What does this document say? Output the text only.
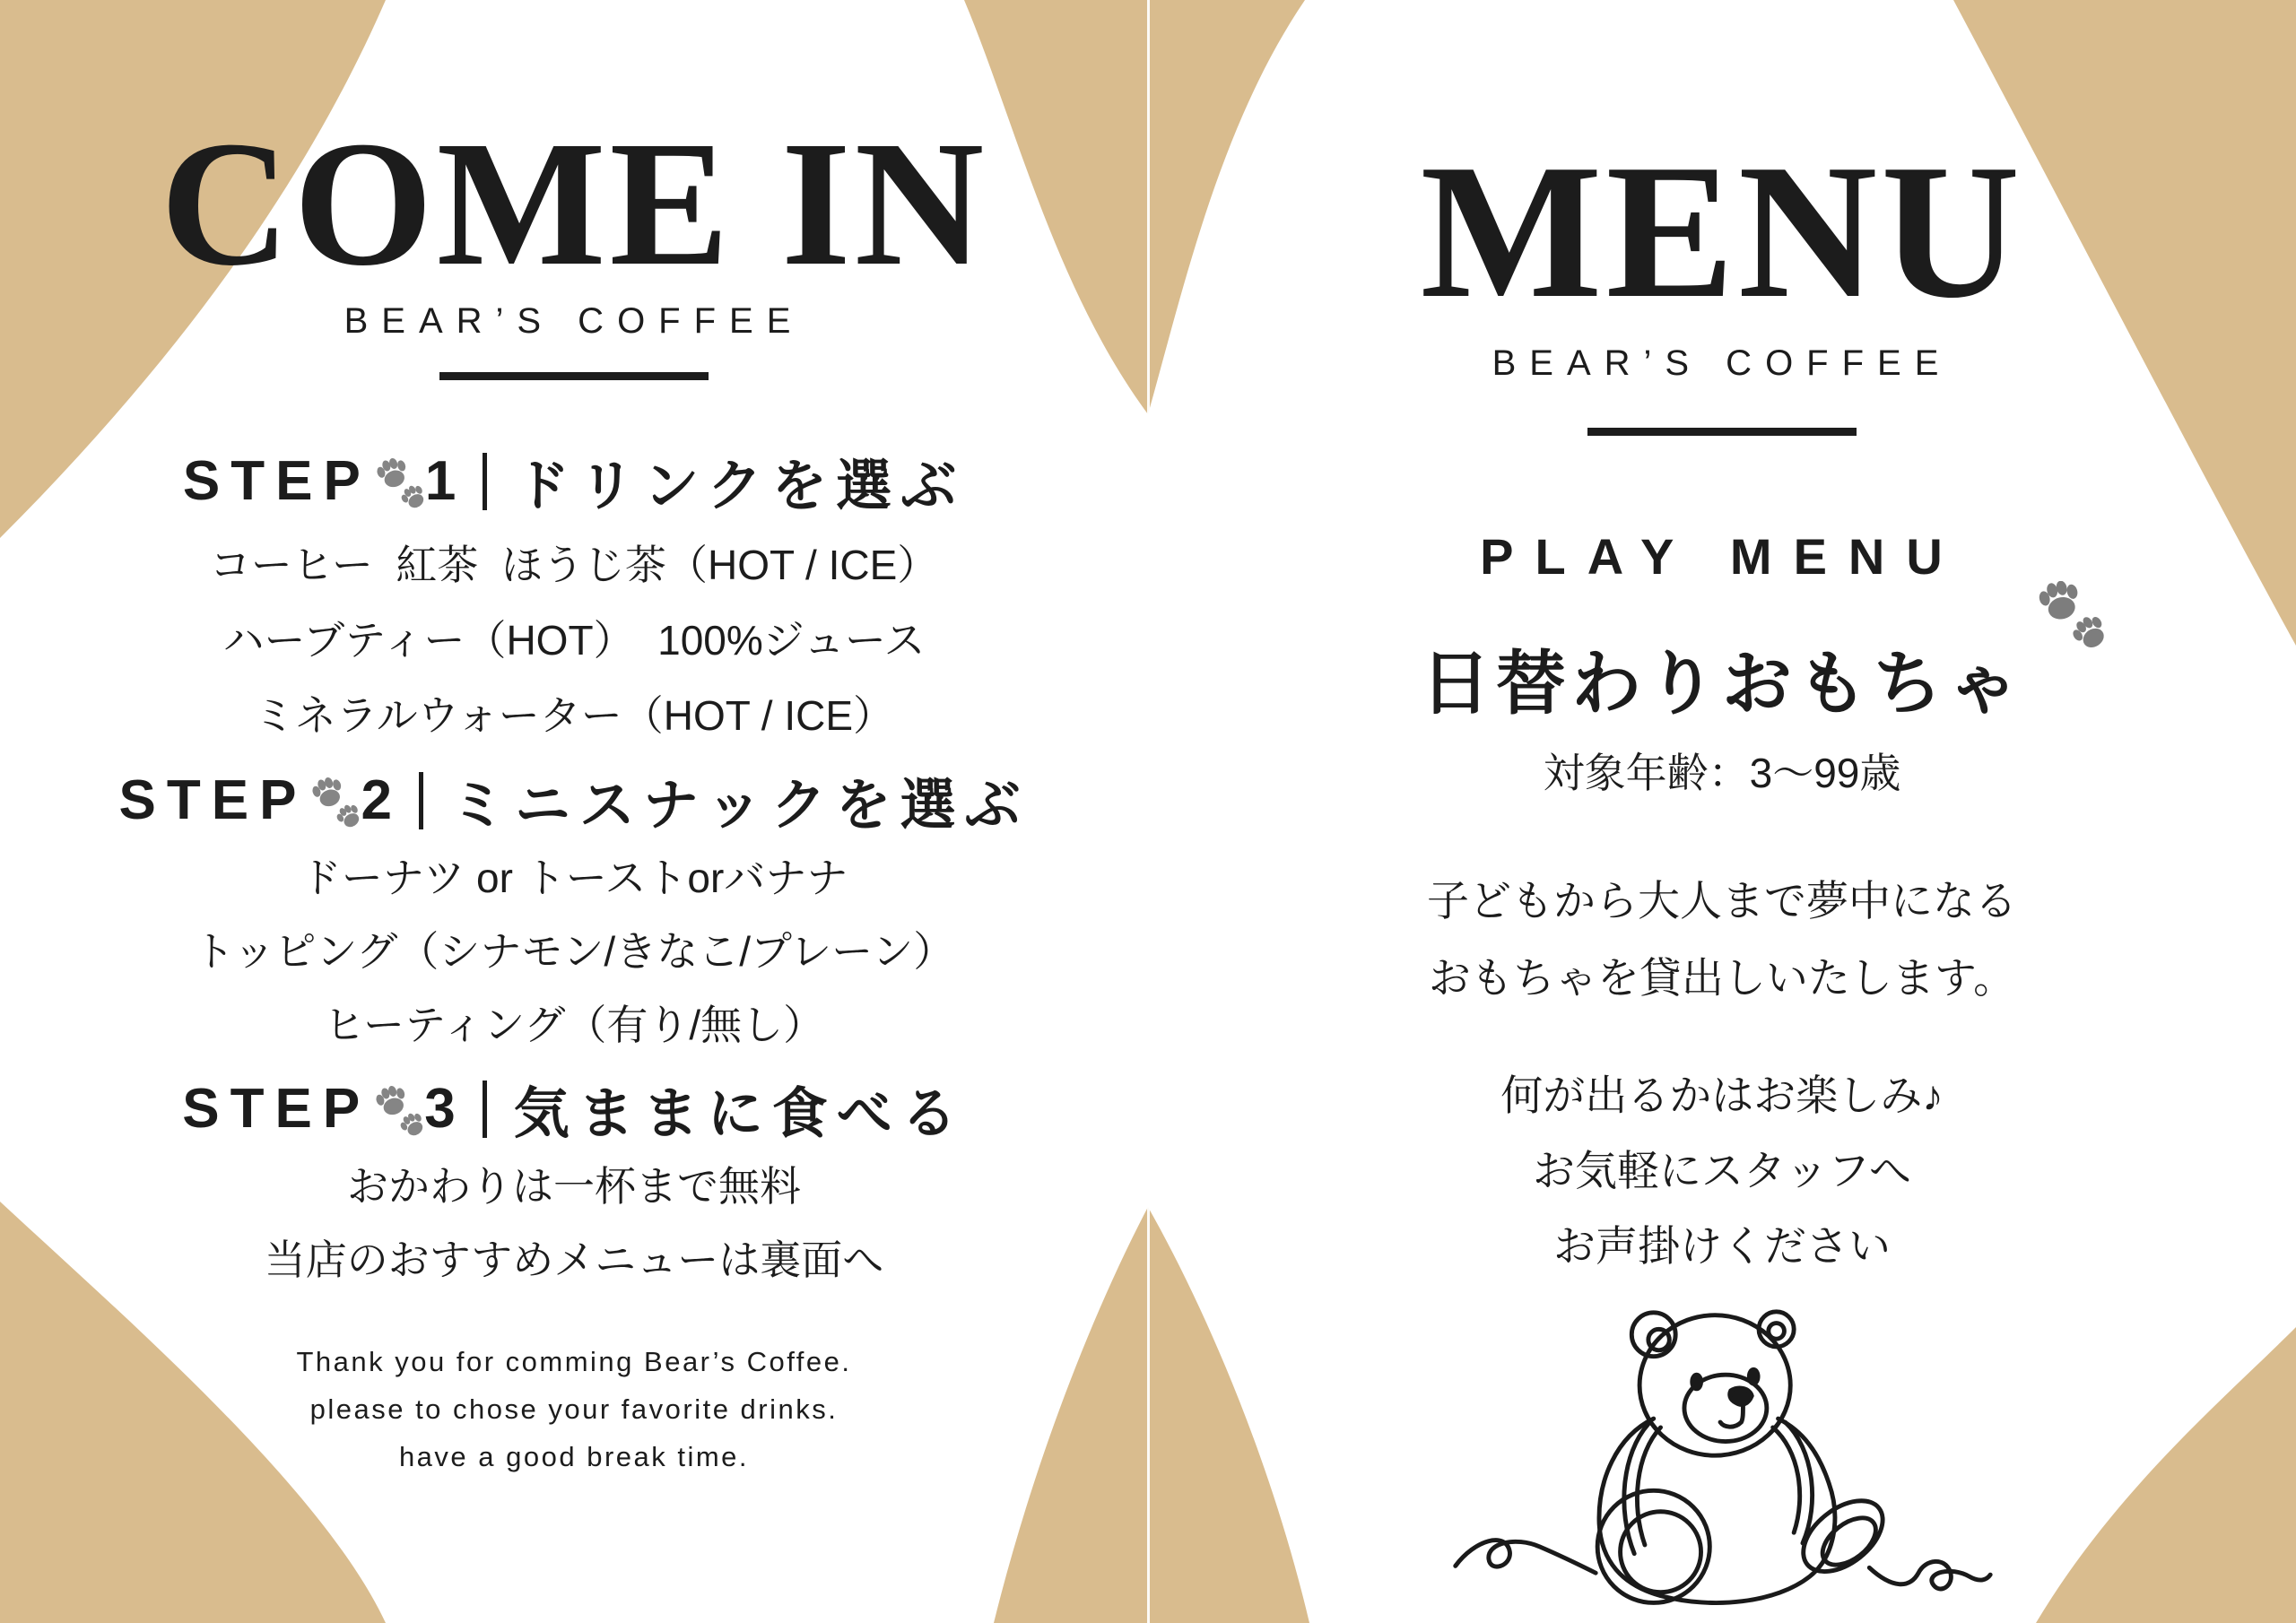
COME IN
BEAR’S COFFEE
STEP 1 ドリンクを選ぶ
コーヒー  紅茶  ほうじ茶（HOT / ICE）
ハーブティー（HOT）  100%ジュース
ミネラルウォーター（HOT / ICE）
STEP 2 ミニスナックを選ぶ
ドーナツ or トーストorバナナ
トッピング（シナモン/きなこ/プレーン）
ヒーティング（有り/無し）
STEP 3 気ままに食べる
おかわりは一杯まで無料
当店のおすすめメニューは裏面へ
Thank you for comming Bear’s Coffee.
please to chose your favorite drinks.
have a good break time.
MENU
BEAR’S COFFEE
PLAY MENU
日替わりおもちゃ
対象年齢：3〜99歳
子どもから大人まで夢中になる
おもちゃを貸出しいたします。
何が出るかはお楽しみ♪
お気軽にスタッフへ
お声掛けください
